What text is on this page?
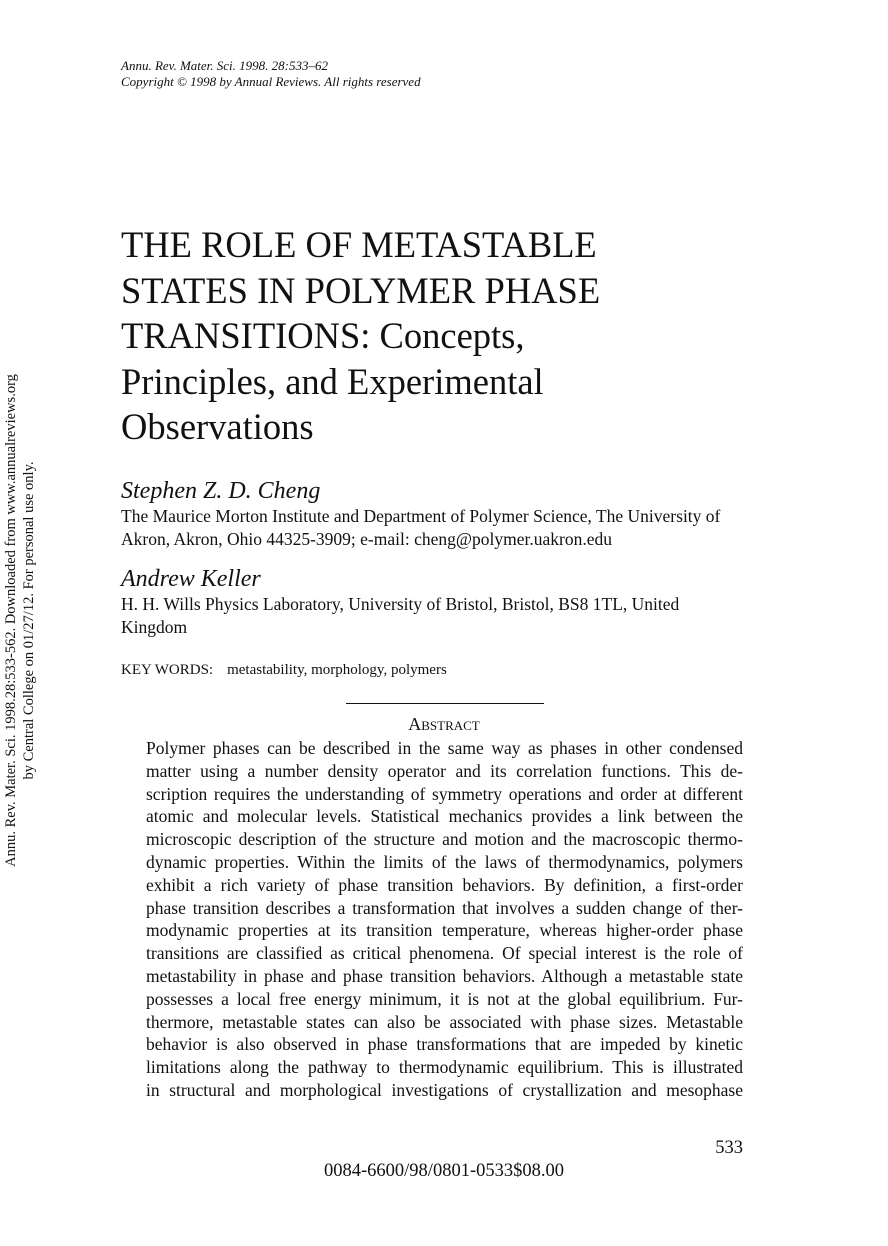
Annu. Rev. Mater. Sci. 1998. 28:533–62
Copyright © 1998 by Annual Reviews. All rights reserved
Annu. Rev. Mater. Sci. 1998.28:533-562. Downloaded from www.annualreviews.org by Central College on 01/27/12. For personal use only.
THE ROLE OF METASTABLE
STATES IN POLYMER PHASE
TRANSITIONS: Concepts,
Principles, and Experimental
Observations
Stephen Z. D. Cheng
The Maurice Morton Institute and Department of Polymer Science, The University of
Akron, Akron, Ohio 44325-3909; e-mail: cheng@polymer.uakron.edu
Andrew Keller
H. H. Wills Physics Laboratory, University of Bristol, Bristol, BS8 1TL, United
Kingdom
KEY WORDS: metastability, morphology, polymers
Abstract
Polymer phases can be described in the same way as phases in other condensed
matter using a number density operator and its correlation functions. This de-
scription requires the understanding of symmetry operations and order at different
atomic and molecular levels. Statistical mechanics provides a link between the
microscopic description of the structure and motion and the macroscopic thermo-
dynamic properties. Within the limits of the laws of thermodynamics, polymers
exhibit a rich variety of phase transition behaviors. By definition, a first-order
phase transition describes a transformation that involves a sudden change of ther-
modynamic properties at its transition temperature, whereas higher-order phase
transitions are classified as critical phenomena. Of special interest is the role of
metastability in phase and phase transition behaviors. Although a metastable state
possesses a local free energy minimum, it is not at the global equilibrium. Fur-
thermore, metastable states can also be associated with phase sizes. Metastable
behavior is also observed in phase transformations that are impeded by kinetic
limitations along the pathway to thermodynamic equilibrium. This is illustrated
in structural and morphological investigations of crystallization and mesophase
533
0084-6600/98/0801-0533$08.00
